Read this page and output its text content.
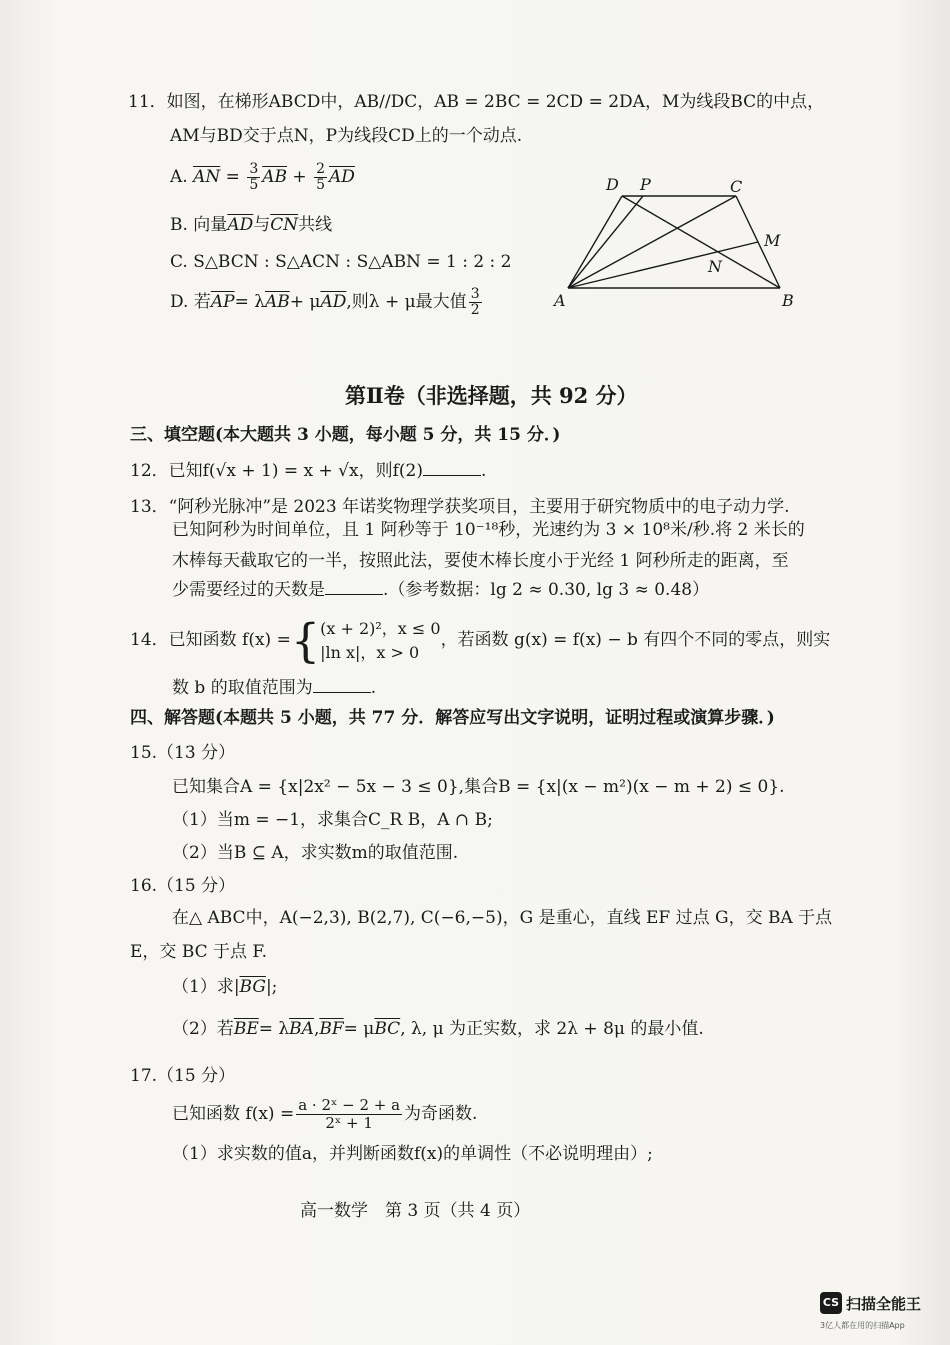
11．如图，在梯形ABCD中，AB//DC，AB = 2BC = 2CD = 2DA，M为线段BC的中点，
AM与BD交于点N，P为线段CD上的一个动点.
A. $\overline{AN} = \frac{3}{5} \overline{AB} + \frac{2}{5} \overline{AD}$
B. 向量$\overline{AD}$与$\overline{CN}$共线
C. S△BCN : S△ACN : S△ABN = 1 : 2 : 2
D. 若$\overline{AP}= \lambda\overline{AB}+ \mu\overline{AD}$,则λ + μ最大值 $\frac{3}{2}$
D P	C
M
N
A	B
第Ⅱ卷（非选择题，共 92 分）
三、填空题(本大题共 3 小题，每小题 5 分，共 15 分．)
12．已知f(√x + 1) = x + √x，则f(2)	.
13．“阿秒光脉冲”是 2023 年诺奖物理学获奖项目，主要用于研究物质中的电子动力学.
已知阿秒为时间单位，且 1 阿秒等于 10⁻¹⁸秒，光速约为 3 × 10⁸米/秒.将 2 米长的
木棒每天截取它的一半，按照此法，要使木棒长度小于光经 1 阿秒所走的距离，至
少需要经过的天数是	.（参考数据：lg 2 ≈ 0.30, lg 3 ≈ 0.48）
14．已知函数 f(x) ={ (x + 2)²，x ≤ 0
|ln x|，x > 0
，若函数 g(x) = f(x) − b 有四个不同的零点，则实
数 b 的取值范围为	.
四、解答题(本题共 5 小题，共 77 分．解答应写出文字说明，证明过程或演算步骤．)
15.（13 分）
已知集合A = {x|2x² − 5x − 3 ≤ 0},集合B = {x|(x − m²)(x − m + 2) ≤ 0}.
（1）当m = −1，求集合C_R B，A ∩ B;
（2）当B ⊆ A，求实数m的取值范围.
16.（15 分）
在△ ABC中，A(−2,3), B(2,7), C(−6,−5)，G 是重心，直线 EF 过点 G，交 BA 于点
E，交 BC 于点 F.
（1）求$|\overline{BG}|$;
（2）若$\overline{BE}= \lambda\overline{BA},\overline{BF}= \mu\overline{BC}$, λ, μ 为正实数，求 2λ + 8μ 的最小值.
17.（15 分）
已知函数 $f(x) = \frac{\text{a · 2ˣ − 2 + a}}{\text{2ˣ + 1}}$ 为奇函数.
（1）求实数的值a，并判断函数f(x)的单调性（不必说明理由）;
高一数学　第 3 页（共 4 页）
CS 扫描全能王
3亿人都在用的扫描App
